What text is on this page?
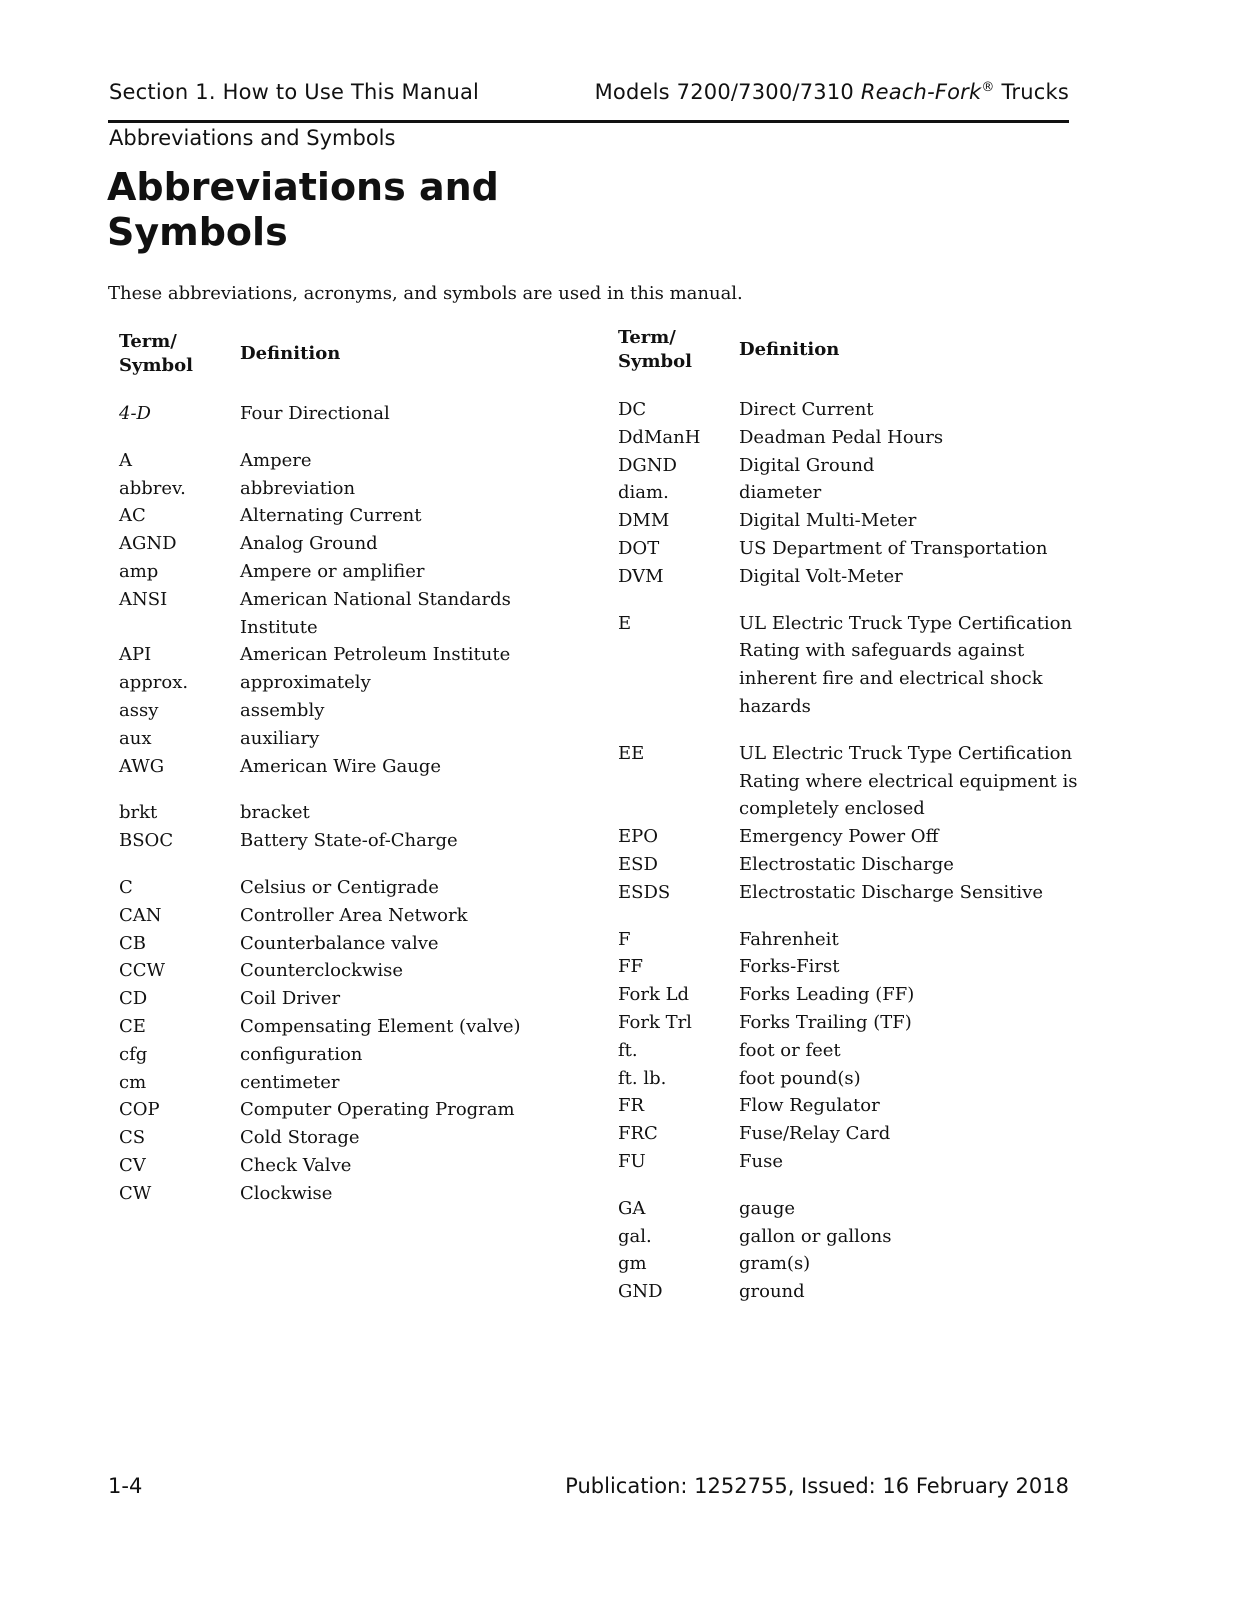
Section 1. How to Use This Manual	Models 7200/7300/7310 Reach-Fork® Trucks
Abbreviations and Symbols
Abbreviations and Symbols
These abbreviations, acronyms, and symbols are used in this manual.
Term/ Symbol
Definition
4-D	Four Directional
A	Ampere
abbrev.	abbreviation
AC	Alternating Current
AGND	Analog Ground
amp	Ampere or amplifier
ANSI	American National Standards Institute
API	American Petroleum Institute
approx.	approximately
assy	assembly
aux	auxiliary
AWG	American Wire Gauge
brkt	bracket
BSOC	Battery State-of-Charge
C	Celsius or Centigrade
CAN	Controller Area Network
CB	Counterbalance valve
CCW	Counterclockwise
CD	Coil Driver
CE	Compensating Element (valve)
cfg	configuration
cm	centimeter
COP	Computer Operating Program
CS	Cold Storage
CV	Check Valve
CW	Clockwise
Term/ Symbol
Definition
DC	Direct Current
DdManH	Deadman Pedal Hours
DGND	Digital Ground
diam.	diameter
DMM	Digital Multi-Meter
DOT	US Department of Transportation
DVM	Digital Volt-Meter
E	UL Electric Truck Type Certification Rating with safeguards against inherent fire and electrical shock hazards
EE	UL Electric Truck Type Certification Rating where electrical equipment is completely enclosed
EPO	Emergency Power Off
ESD	Electrostatic Discharge
ESDS	Electrostatic Discharge Sensitive
F	Fahrenheit
FF	Forks-First
Fork Ld	Forks Leading (FF)
Fork Trl	Forks Trailing (TF)
ft.	foot or feet
ft. lb.	foot pound(s)
FR	Flow Regulator
FRC	Fuse/Relay Card
FU	Fuse
GA	gauge
gal.	gallon or gallons
gm	gram(s)
GND	ground
1-4	Publication: 1252755, Issued: 16 February 2018
